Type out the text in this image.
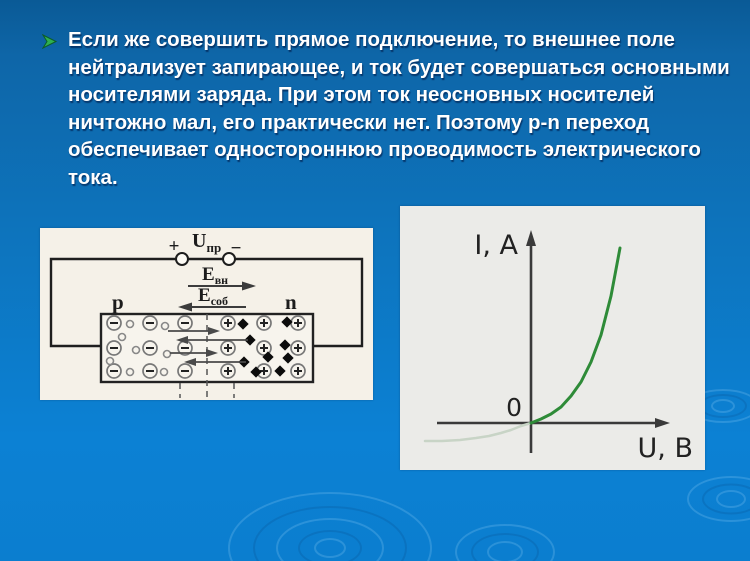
Если же совершить прямое подключение, то внешнее поле
нейтрализует запирающее, и ток будет совершаться основными
носителями заряда. При этом ток неосновных носителей
ничтожно мал, его практически нет. Поэтому p-n переход
обеспечивает одностороннюю проводимость электрического
тока.
+	−
$U_{пр}$
$E_{вн}$
$E_{соб}$
p	n
I, A
U, B
0
